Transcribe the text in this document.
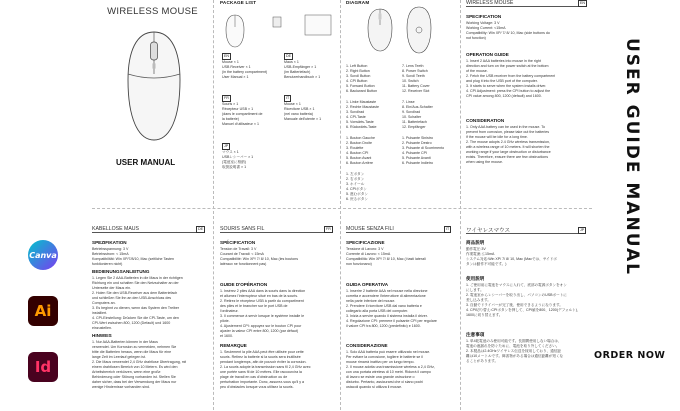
WIRELESS MOUSE
USER MANUAL
PACKAGE LIST
EN
Mouse × 1
USB Receiver × 1
(in the battery compartment)
User Manual × 1
DE
Maus × 1
USB-Empfänger × 1
(im Batteriefach)
Benutzerhandbuch × 1
FR
Souris × 1
Récepteur USB × 1
(dans le compartiment de
la batterie)
Manuel d'utilisateur × 1
IT
Mouse × 1
Ricevitore USB × 1
(nel vano batteria)
Manuale dell'utente × 1
JP
マウス × 1
USBレシーバー × 1
(電池室に格納)
取扱説明書 × 1
DIAGRAM
1. Left Button
2. Right Button
3. Scroll Button
4. CPI Button
5. Forward Button
6. Backward Button
7. Lens Teeth
8. Power Switch
9. Scroll Teeth
10. Switch
11. Battery Cover
12. Receiver Slot
1. Linke Maustaste
2. Rechte Maustaste
3. Scrollrad
4. CPI-Taste
5. Vorwärts-Taste
6. Rückwärts-Taste
7. Linse
8. Ein/Aus-Schalter
9. Scrollrad
10. Schalter
11. Batteriefach
12. Empfänger
1. Bouton Gauche
2. Bouton Droite
3. Roulette
4. Bouton CPI
5. Bouton Avant
6. Bouton Arrière
1. Pulsante Sinistro
2. Pulsante Destro
3. Pulsante di Scorrimento
4. Pulsante CPI
5. Pulsante Avanti
6. Pulsante Indietro
1. 左ボタン
2. 右ボタン
3. ホイール
4. CPIボタン
5. 進むボタン
6. 戻るボタン
WIRELESS MOUSE	EN
SPECIFICATION
Working Voltage: 3 V
Working Current: <15mA
Compatibility: Win XP/ 7/ 8/ 10, Mac (side buttons do
not function)
OPERATION GUIDE
1. Insert 2 AAA batteries into mouse in the right
direction and turn on the power switch at the bottom
of the mouse.
2. Fetch the USB receiver from the battery compartment
and plug it into the USB port of the computer.
3. It starts to serve when the system installs driver.
4. CPI Adjustment: press the CPI button to adjust the
CPI value among 800, 1200 (default) and 1600.
CONSIDERATION
1. Only AAA battery can be used in the mouse. To
prevent from corrosion, please take out the batteries
if the mouse will be idle for a long time.
2. The mouse adopts 2.4 GHz wireless transmission,
with a wireless range of 10 meters. It will shorten the
working range if your large obstruction or disturbance
exists. Therefore, ensure there are few obstructions
when using the mouse.	USER GUIDE MANUAL
KABELLOSE MAUS	DE
SPEZIFIKATION
Betriebsspannung: 3 V
Betriebsstrom: < 15mA
Kompatibilität: Win XP/7/8/10, Mac (seitliche Tasten
funktionieren nicht)
BEDIENUNGSANLEITUNG
1. Legen Sie 2 AAA-Batterien in die Maus in der richtigen
Richtung ein und schalten Sie den Netzschalter an der
Unterseite der Maus ein.
2. Holen Sie den USB-Receiver aus dem Batteriefach
und schließen Sie ihn an den USB-Anschluss des
Computers an.
3. Es beginnt zu dienen, wenn das System den Treiber
installiert.
4. CPI-Einstellung: Drücken Sie die CPI-Taste, um den
CPI-Wert zwischen 800, 1200 (Default) und 1600
einzustellen.
HINWEIS
1. Nur AAA-Batterien können in der Maus
verwendet. Um Korrosion zu vermeiden, nehmen Sie
bitte die Batterien heraus, wenn die Maus für eine
lange Zeit im Leerlauf gelegen ist.
2. Die Maus verwendet 2,4 GHz drahtlose Übertragung, mit
einem drahtlosen Bereich von 10 Metern. Es wird den
Arbeitsbereich verkürzen, wenn eine große
Behinderung oder Störung vorhanden ist. Stellen Sie
daher sicher, dass bei der Verwendung der Maus nur
wenige Hindernisse vorhanden sind.
SOURIS SANS FIL	FR
SPÉCIFICATION
Tension de Travail: 3 V
Courant de Travail: < 15mA
Compatibilité: Win XP/ 7/ 8/ 10, Mac (les boutons
latéraux ne fonctionnent pas)
GUIDE D'OPÉRATION
1. Insérez 2 piles AAA dans la souris dans la direction
et allumez l'interrupteur situé en bas de la souris.
2. Retirez le récepteur USB à partir du compartiment
des piles et le brancher sur le port USB de
l'ordinateur.
3. Il commence à servir lorsque le système installe le
pilote.
4. Ajustement CPI: appuyez sur le bouton CPI pour
ajuster la valeur CPI entre 800, 1200 (par défaut)
et 1600.
REMARQUE
1. Seulement la pile AAA peut être utilisée pour cette
souris. Retirez la batterie si la souris sera inutilisée
pendant longtemps, afin de pouvoir éviter la corrosion.
2. La souris adopte la transmission sans fil 2,4 GHz avec
une portée sans fil de 10 mètres. Elle raccourcira la
plage de travail en cas d'obstruction ou de
perturbation importante. Donc, assurez-vous qu'il y a
peu d'obstacles lorsque vous utilisez la souris.
MOUSE SENZA FILI	IT
SPECIFICAZIONE
Tensione di Lavoro: 3 V
Corrente di Lavoro: < 15mA
Compatibilità: Win XP/ 7/ 8/ 10, Mac (i tasti laterali
non funzionano)
GUIDA OPERATIVA
1. Inserire 2 batterie AAA nel mouse nella direzione
corretta e accendere l'interruttore di alimentazione
nella parte inferiore del mouse.
2. Prendere il ricevitore USB dal vano batteria e
collegarlo alla porta USB del computer.
3. Inizia a servire quando il sistema installa il driver.
4. Regolazione CPI: premere il pulsante CPI per regolare
il valore CPI tra 800, 1200 (predefinito) e 1600.
CONSIDERAZIONE
1. Solo AAA batteria può essere utilizzato nel mouse.
Per evitare la corrosione, togliere le batterie se il
mouse rimarrà inattivo per un lungo tempo.
2. Il mouse adotta una trasmissione wireless a 2,4 GHz,
con una portata wireless di 10 metri. Ridurrà il campo
di lavoro se esiste una grande ostruzione o
disturbo. Pertanto, assicurarsi che ci siano pochi
ostacoli quando si utilizza il mouse.
ワイヤレスマウス	JP
商品説明
動作電圧:3V
作業電流:≦15mA
システム対応:Win XP/ 7/ 8/ 10, Mac (Macでは、サイドボ
タンは動作不可能です。)
使用説明
1. ご使用前に電池をマウスに入れて、底部の電源ボタンをオン
にします。
2. 電池室からレシーバーを取り出し、パソコンのUSBポートに
差し込みます。
3. 自動でドライバーが完了後、使用できるようになります。
4. CPI切り替え:CPIボタンを押して、CPI値を800、1200(デフォルト)、
1600に切り替えます。
注意事項
1. 単4乾電池のみ使用可能です。長期間使用しない場合は、
電池の液漏れを防ぐために、電池を取り外してください。
2. 本製品は2.4GHzワイヤレス伝送を採用しており、通信距
離は10メートルです。障害物がある場合は通信距離が短くな
ることがあります。
Canva
Ai
Id
ORDER NOW
